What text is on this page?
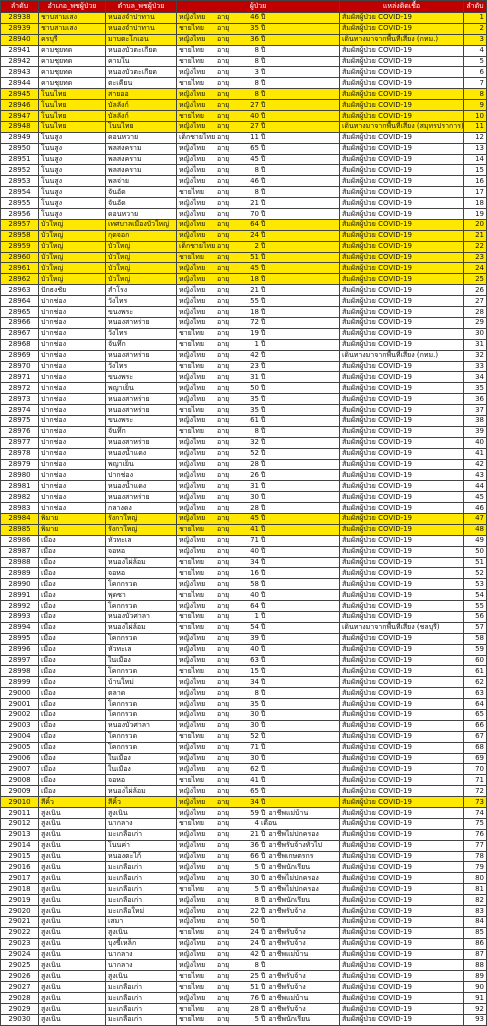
ลำดับ	อำเภอ_พชผู้ป่วย	ตำบล_พชผู้ป่วย	ผู้ป่วย	แหล่งติดเชื้อ	ลำดับ
28938	ชาบสามเสง	หนองจำปาทาน	หญิงไทย อายุ 46 ปี	สัมผัสผู้ป่วย COVID-19	1
28939	ชาบสามเสง	หนองจำปาทาน	ชายไทย อายุ 35 ปี	สัมผัสผู้ป่วย COVID-19	2
28940	ครบุรี	มาบตะโกเอน	หญิงไทย อายุ 36 ปี	เดินทางมาจากพื้นที่เสี่ยง (กทม.)	3
28941	คามชุยทด	หนองบัวตะเกียด	ชายไทย อายุ 8 ปี	สัมผัสผู้ป่วย COVID-19	4
28942	คามชุยทด	คามใน	ชายไทย อายุ 8 ปี	สัมผัสผู้ป่วย COVID-19	5
28943	คามชุยทด	หนองบัวตะเกียด	หญิงไทย อายุ 3 ปี	สัมผัสผู้ป่วย COVID-19	6
28944	คามชุยทด	ตะเคียน	ชายไทย อายุ 8 ปี	สัมผัสผู้ป่วย COVID-19	7
28945	โนนไทย	สายออ	หญิงไทย อายุ 8 ปี	สัมผัสผู้ป่วย COVID-19	8
28946	โนนไทย	บัลลังก์	หญิงไทย อายุ 27 ปี	สัมผัสผู้ป่วย COVID-19	9
28947	โนนไทย	บัลลังก์	ชายไทย อายุ 40 ปี	สัมผัสผู้ป่วย COVID-19	10
28948	โนนไทย	โนนไทย	หญิงไทย อายุ 27 ปี	เดินทางมาจากพื้นที่เสี่ยง (สมุทรปราการ)	11
28949	โนนสูง	ดอนหวาย	เด็กชายไทย อายุ 11 ปี	สัมผัสผู้ป่วย COVID-19	12
28950	โนนสูง	พลสงคราม	หญิงไทย อายุ 65 ปี	สัมผัสผู้ป่วย COVID-19	13
28951	โนนสูง	พลสงคราม	หญิงไทย อายุ 45 ปี	สัมผัสผู้ป่วย COVID-19	14
28952	โนนสูง	พลสงคราม	หญิงไทย อายุ 8 ปี	สัมผัสผู้ป่วย COVID-19	15
28953	โนนสูง	พลจ่าย	หญิงไทย อายุ 46 ปี	สัมผัสผู้ป่วย COVID-19	16
28954	โนนสูง	จันอัด	ชายไทย อายุ 8 ปี	สัมผัสผู้ป่วย COVID-19	17
28955	โนนสูง	จันอัด	หญิงไทย อายุ 21 ปี	สัมผัสผู้ป่วย COVID-19	18
28956	โนนสูง	ดอนหวาย	หญิงไทย อายุ 70 ปี	สัมผัสผู้ป่วย COVID-19	19
28957	บัวใหญ่	เทศบาลเมืองบัวใหญ่	หญิงไทย อายุ 64 ปี	สัมผัสผู้ป่วย COVID-19	20
28958	บัวใหญ่	กุดจอก	หญิงไทย อายุ 24 ปี	สัมผัสผู้ป่วย COVID-19	21
28959	บัวใหญ่	บัวใหญ่	เด็กชายไทย อายุ 2 ปี	สัมผัสผู้ป่วย COVID-19	22
28960	บัวใหญ่	บัวใหญ่	ชายไทย อายุ 51 ปี	สัมผัสผู้ป่วย COVID-19	23
28961	บัวใหญ่	บัวใหญ่	หญิงไทย อายุ 45 ปี	สัมผัสผู้ป่วย COVID-19	24
28962	บัวใหญ่	บัวใหญ่	หญิงไทย อายุ 18 ปี	สัมผัสผู้ป่วย COVID-19	25
28963	ปักธงชัย	สำโรง	หญิงไทย อายุ 21 ปี	สัมผัสผู้ป่วย COVID-19	26
28964	ปากช่อง	วังไทร	หญิงไทย อายุ 55 ปี	สัมผัสผู้ป่วย COVID-19	27
28965	ปากช่อง	ขนงพระ	หญิงไทย อายุ 18 ปี	สัมผัสผู้ป่วย COVID-19	28
28966	ปากช่อง	หนองสาหร่าย	หญิงไทย อายุ 72 ปี	สัมผัสผู้ป่วย COVID-19	29
28967	ปากช่อง	วังไทร	ชายไทย อายุ 19 ปี	สัมผัสผู้ป่วย COVID-19	30
28968	ปากช่อง	จันทึก	ชายไทย อายุ 1 ปี	สัมผัสผู้ป่วย COVID-19	31
28969	ปากช่อง	หนองสาหร่าย	หญิงไทย อายุ 42 ปี	เดินทางมาจากพื้นที่เสี่ยง (กทม.)	32
28970	ปากช่อง	วังไทร	ชายไทย อายุ 23 ปี	สัมผัสผู้ป่วย COVID-19	33
28971	ปากช่อง	ขนงพระ	หญิงไทย อายุ 31 ปี	สัมผัสผู้ป่วย COVID-19	34
28972	ปากช่อง	พญาเย็น	หญิงไทย อายุ 50 ปี	สัมผัสผู้ป่วย COVID-19	35
28973	ปากช่อง	หนองสาหร่าย	หญิงไทย อายุ 35 ปี	สัมผัสผู้ป่วย COVID-19	36
28974	ปากช่อง	หนองสาหร่าย	ชายไทย อายุ 35 ปี	สัมผัสผู้ป่วย COVID-19	37
28975	ปากช่อง	ขนงพระ	หญิงไทย อายุ 61 ปี	สัมผัสผู้ป่วย COVID-19	38
28976	ปากช่อง	จันทึก	ชายไทย อายุ 8 ปี	สัมผัสผู้ป่วย COVID-19	39
28977	ปากช่อง	หนองสาหร่าย	หญิงไทย อายุ 32 ปี	สัมผัสผู้ป่วย COVID-19	40
28978	ปากช่อง	หนองน้ำแดง	หญิงไทย อายุ 52 ปี	สัมผัสผู้ป่วย COVID-19	41
28979	ปากช่อง	พญาเย็น	หญิงไทย อายุ 28 ปี	สัมผัสผู้ป่วย COVID-19	42
28980	ปากช่อง	ปากช่อง	หญิงไทย อายุ 26 ปี	สัมผัสผู้ป่วย COVID-19	43
28981	ปากช่อง	หนองน้ำแดง	หญิงไทย อายุ 31 ปี	สัมผัสผู้ป่วย COVID-19	44
28982	ปากช่อง	หนองสาหร่าย	หญิงไทย อายุ 30 ปี	สัมผัสผู้ป่วย COVID-19	45
28983	ปากช่อง	กลางดง	หญิงไทย อายุ 28 ปี	สัมผัสผู้ป่วย COVID-19	46
28984	พิมาย	รังกาใหญ่	หญิงไทย อายุ 45 ปี	สัมผัสผู้ป่วย COVID-19	47
28985	พิมาย	รังกาใหญ่	ชายไทย อายุ 41 ปี	สัมผัสผู้ป่วย COVID-19	48
28986	เมือง	หัวทะเล	หญิงไทย อายุ 71 ปี	สัมผัสผู้ป่วย COVID-19	49
28987	เมือง	จอหอ	หญิงไทย อายุ 40 ปี	สัมผัสผู้ป่วย COVID-19	50
28988	เมือง	หนองไผ่ล้อม	ชายไทย อายุ 34 ปี	สัมผัสผู้ป่วย COVID-19	51
28989	เมือง	จอหอ	ชายไทย อายุ 16 ปี	สัมผัสผู้ป่วย COVID-19	52
28990	เมือง	โคกกรวด	หญิงไทย อายุ 58 ปี	สัมผัสผู้ป่วย COVID-19	53
28991	เมือง	พุดซา	ชายไทย อายุ 40 ปี	สัมผัสผู้ป่วย COVID-19	54
28992	เมือง	โคกกรวด	หญิงไทย อายุ 64 ปี	สัมผัสผู้ป่วย COVID-19	55
28993	เมือง	หนองบัวศาลา	ชายไทย อายุ 1 ปี	สัมผัสผู้ป่วย COVID-19	56
28994	เมือง	หนองไผ่ล้อม	ชายไทย อายุ 54 ปี	เดินทางมาจากพื้นที่เสี่ยง (ชลบุรี)	57
28995	เมือง	โคกกรวด	หญิงไทย อายุ 39 ปี	สัมผัสผู้ป่วย COVID-19	58
28996	เมือง	หัวทะเล	หญิงไทย อายุ 40 ปี	สัมผัสผู้ป่วย COVID-19	59
28997	เมือง	ในเมือง	หญิงไทย อายุ 63 ปี	สัมผัสผู้ป่วย COVID-19	60
28998	เมือง	โคกกรวด	ชายไทย อายุ 15 ปี	สัมผัสผู้ป่วย COVID-19	61
28999	เมือง	บ้านใหม่	หญิงไทย อายุ 34 ปี	สัมผัสผู้ป่วย COVID-19	62
29000	เมือง	ตลาด	หญิงไทย อายุ 8 ปี	สัมผัสผู้ป่วย COVID-19	63
29001	เมือง	โคกกรวด	หญิงไทย อายุ 35 ปี	สัมผัสผู้ป่วย COVID-19	64
29002	เมือง	โคกกรวด	หญิงไทย อายุ 30 ปี	สัมผัสผู้ป่วย COVID-19	65
29003	เมือง	หนองบัวศาลา	หญิงไทย อายุ 30 ปี	สัมผัสผู้ป่วย COVID-19	66
29004	เมือง	โคกกรวด	ชายไทย อายุ 52 ปี	สัมผัสผู้ป่วย COVID-19	67
29005	เมือง	โคกกรวด	หญิงไทย อายุ 71 ปี	สัมผัสผู้ป่วย COVID-19	68
29006	เมือง	ในเมือง	หญิงไทย อายุ 30 ปี	สัมผัสผู้ป่วย COVID-19	69
29007	เมือง	ในเมือง	หญิงไทย อายุ 62 ปี	สัมผัสผู้ป่วย COVID-19	70
29008	เมือง	จอหอ	ชายไทย อายุ 41 ปี	สัมผัสผู้ป่วย COVID-19	71
29009	เมือง	หนองไผ่ล้อม	หญิงไทย อายุ 65 ปี	สัมผัสผู้ป่วย COVID-19	72
29010	สีคิ้ว	สีคิ้ว	หญิงไทย อายุ 34 ปี	สัมผัสผู้ป่วย COVID-19	73
29011	สูงเนิน	สูงเนิน	หญิงไทย อายุ 59 ปี อาชีพแม่บ้าน	สัมผัสผู้ป่วย COVID-19	74
29012	สูงเนิน	นากลาง	ชายไทย อายุ 4 เดือน	สัมผัสผู้ป่วย COVID-19	75
29013	สูงเนิน	มะเกลือเก่า	หญิงไทย อายุ 21 ปี อาชีพไม่ปกครอง	สัมผัสผู้ป่วย COVID-19	76
29014	สูงเนิน	โนนค่า	หญิงไทย อายุ 36 ปี อาชีพรับจ้างทั่วไป	สัมผัสผู้ป่วย COVID-19	77
29015	สูงเนิน	หนองตะไก้	หญิงไทย อายุ 66 ปี อาชีพเกษตรกร	สัมผัสผู้ป่วย COVID-19	78
29016	สูงเนิน	มะเกลือเก่า	หญิงไทย อายุ 5 ปี อาชีพนักเรียน	สัมผัสผู้ป่วย COVID-19	79
29017	สูงเนิน	มะเกลือเก่า	หญิงไทย อายุ 30 ปี อาชีพไม่ปกครอง	สัมผัสผู้ป่วย COVID-19	80
29018	สูงเนิน	มะเกลือเก่า	ชายไทย อายุ 5 ปี อาชีพไม่ปกครอง	สัมผัสผู้ป่วย COVID-19	81
29019	สูงเนิน	มะเกลือเก่า	หญิงไทย อายุ 8 ปี อาชีพนักเรียน	สัมผัสผู้ป่วย COVID-19	82
29020	สูงเนิน	มะเกลือใหม่	หญิงไทย อายุ 22 ปี อาชีพรับจ้าง	สัมผัสผู้ป่วย COVID-19	83
29021	สูงเนิน	เสมา	หญิงไทย อายุ 50 ปี	สัมผัสผู้ป่วย COVID-19	84
29022	สูงเนิน	สูงเนิน	ชายไทย อายุ 24 ปี อาชีพรับจ้าง	สัมผัสผู้ป่วย COVID-19	85
29023	สูงเนิน	บุงขี้เหล็ก	หญิงไทย อายุ 24 ปี อาชีพรับจ้าง	สัมผัสผู้ป่วย COVID-19	86
29024	สูงเนิน	นากลาง	หญิงไทย อายุ 42 ปี อาชีพแม่บ้าน	สัมผัสผู้ป่วย COVID-19	87
29025	สูงเนิน	นากลาง	หญิงไทย อายุ 8 ปี	สัมผัสผู้ป่วย COVID-19	88
29026	สูงเนิน	สูงเนิน	ชายไทย อายุ 25 ปี อาชีพรับจ้าง	สัมผัสผู้ป่วย COVID-19	89
29027	สูงเนิน	มะเกลือเก่า	ชายไทย อายุ 51 ปี อาชีพรับจ้าง	สัมผัสผู้ป่วย COVID-19	90
29028	สูงเนิน	มะเกลือเก่า	หญิงไทย อายุ 76 ปี อาชีพแม่บ้าน	สัมผัสผู้ป่วย COVID-19	91
29029	สูงเนิน	มะเกลือเก่า	ชายไทย อายุ 28 ปี อาชีพรับจ้าง	สัมผัสผู้ป่วย COVID-19	92
29030	สูงเนิน	มะเกลือเก่า	ชายไทย อายุ 5 ปี อาชีพนักเรียน	สัมผัสผู้ป่วย COVID-19	93
